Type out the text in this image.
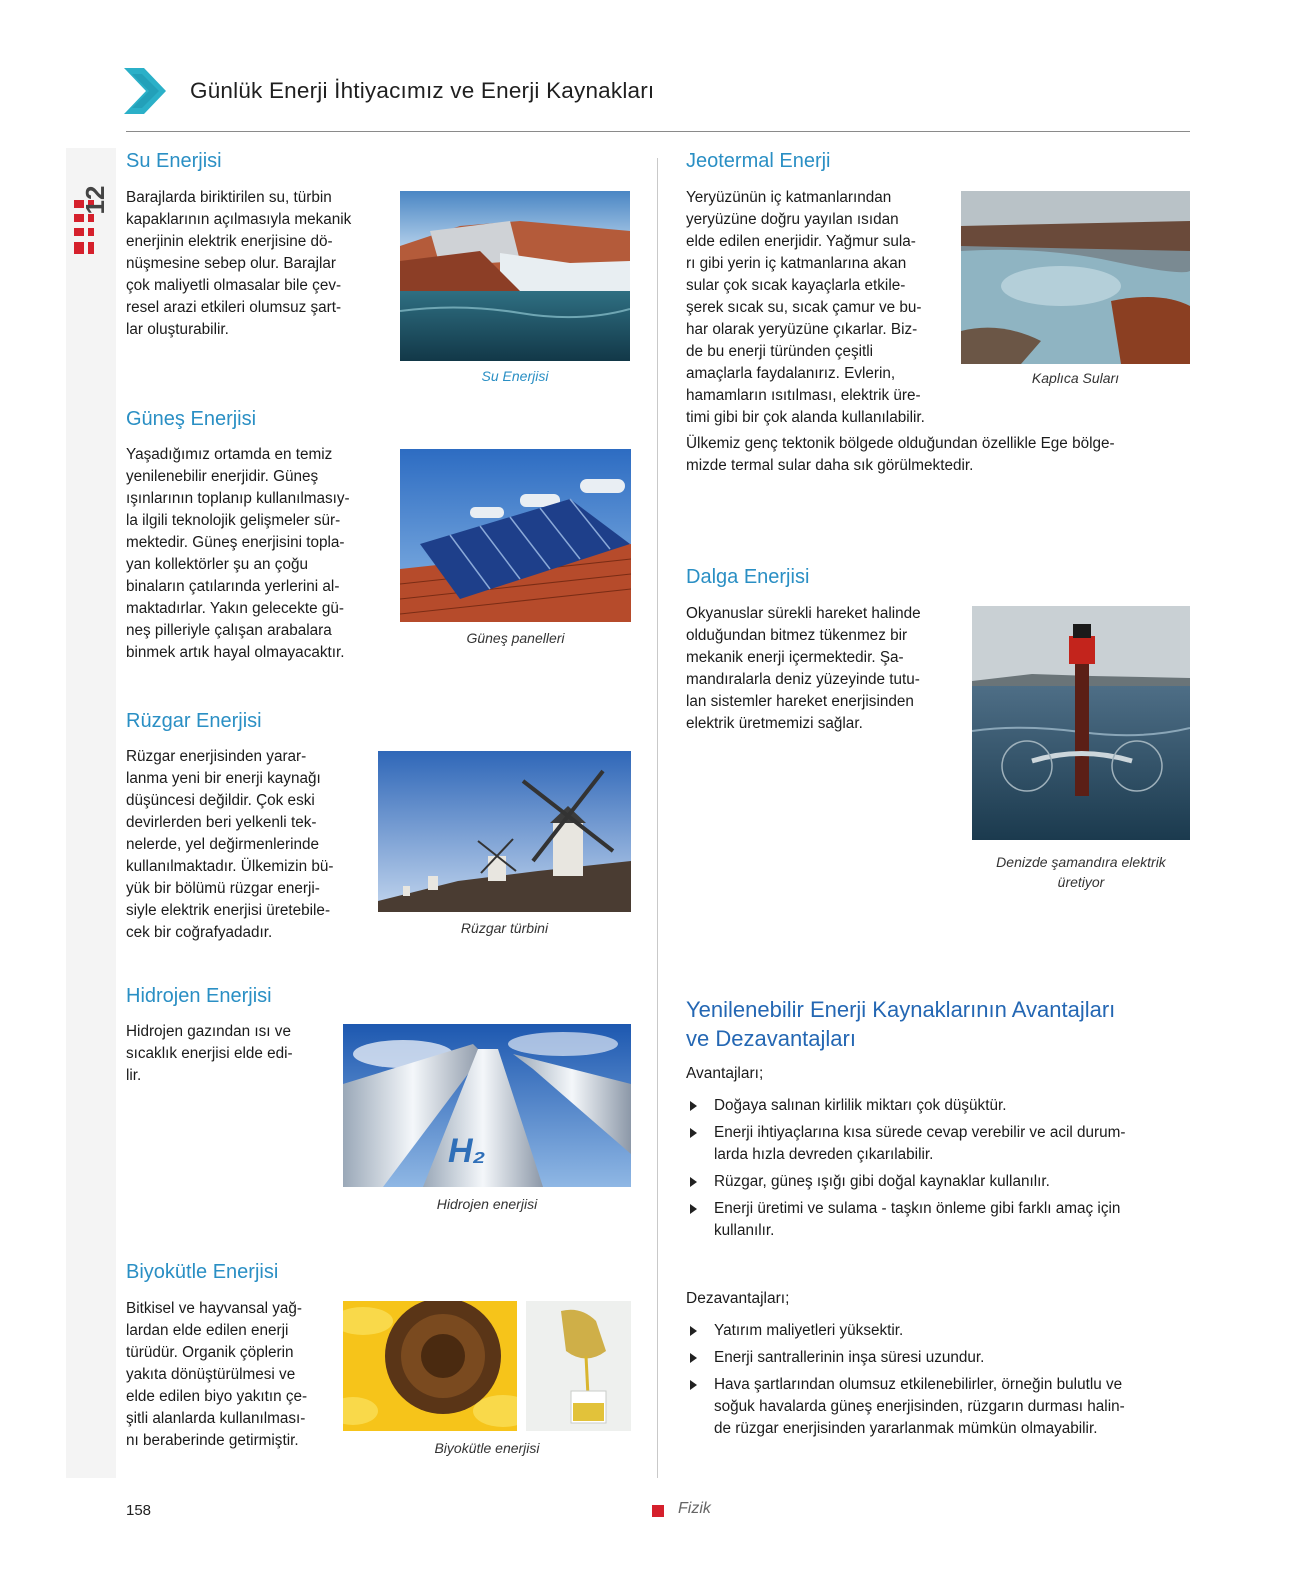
12
Günlük Enerji İhtiyacımız ve Enerji Kaynakları
Su Enerjisi
Barajlarda biriktirilen su, türbin
kapaklarının açılmasıyla mekanik
enerjinin elektrik enerjisine dö-
nüşmesine sebep olur. Barajlar
çok maliyetli olmasalar bile çev-
resel arazi etkileri olumsuz şart-
lar oluşturabilir.
Su Enerjisi
Güneş Enerjisi
Yaşadığımız ortamda en temiz
yenilenebilir enerjidir. Güneş
ışınlarının toplanıp kullanılmasıy-
la ilgili teknolojik gelişmeler sür-
mektedir. Güneş enerjisini topla-
yan kollektörler şu an çoğu
binaların çatılarında yerlerini al-
maktadırlar. Yakın gelecekte gü-
neş pilleriyle çalışan arabalara
binmek artık hayal olmayacaktır.
Güneş panelleri
Rüzgar Enerjisi
Rüzgar enerjisinden yarar-
lanma yeni bir enerji kaynağı
düşüncesi değildir. Çok eski
devirlerden beri yelkenli tek-
nelerde, yel değirmenlerinde
kullanılmaktadır. Ülkemizin bü-
yük bir bölümü rüzgar enerji-
siyle elektrik enerjisi üretebile-
cek bir coğrafyadadır.	Rüzgar türbini
Hidrojen Enerjisi
Hidrojen gazından ısı ve
sıcaklık enerjisi elde edi-
lir.
H₂
Hidrojen enerjisi
Biyokütle Enerjisi
Bitkisel ve hayvansal yağ-
lardan elde edilen enerji
türüdür. Organik çöplerin
yakıta dönüştürülmesi ve
elde edilen biyo yakıtın çe-
şitli alanlarda kullanılması-
nı beraberinde getirmiştir.	Biyokütle enerjisi
Jeotermal Enerji
Yeryüzünün iç katmanlarından
yeryüzüne doğru yayılan ısıdan
elde edilen enerjidir. Yağmur sula-
rı gibi yerin iç katmanlarına akan
sular çok sıcak kayaçlarla etkile-
şerek sıcak su, sıcak çamur ve bu-
har olarak yeryüzüne çıkarlar. Biz-
de bu enerji türünden çeşitli
amaçlarla faydalanırız. Evlerin,
hamamların ısıtılması, elektrik üre-
timi gibi bir çok alanda kullanılabilir.
Kaplıca Suları
Ülkemiz genç tektonik bölgede olduğundan özellikle Ege bölge-
mizde termal sular daha sık görülmektedir.
Dalga Enerjisi
Okyanuslar sürekli hareket halinde
olduğundan bitmez tükenmez bir
mekanik enerji içermektedir. Şa-
mandıralarla deniz yüzeyinde tutu-
lan sistemler hareket enerjisinden
elektrik üretmemizi sağlar.
Denizde şamandıra elektrik
üretiyor
Yenilenebilir Enerji Kaynaklarının Avantajları
ve Dezavantajları
Avantajları;
Doğaya salınan kirlilik miktarı çok düşüktür.
Enerji ihtiyaçlarına kısa sürede cevap verebilir ve acil durum-
larda hızla devreden çıkarılabilir.
Rüzgar, güneş ışığı gibi doğal kaynaklar kullanılır.
Enerji üretimi ve sulama - taşkın önleme gibi farklı amaç için
kullanılır.
Dezavantajları;
Yatırım maliyetleri yüksektir.
Enerji santrallerinin inşa süresi uzundur.
Hava şartlarından olumsuz etkilenebilirler, örneğin bulutlu ve
soğuk havalarda güneş enerjisinden, rüzgarın durması halin-
de rüzgar enerjisinden yararlanmak mümkün olmayabilir.
158	Fizik
